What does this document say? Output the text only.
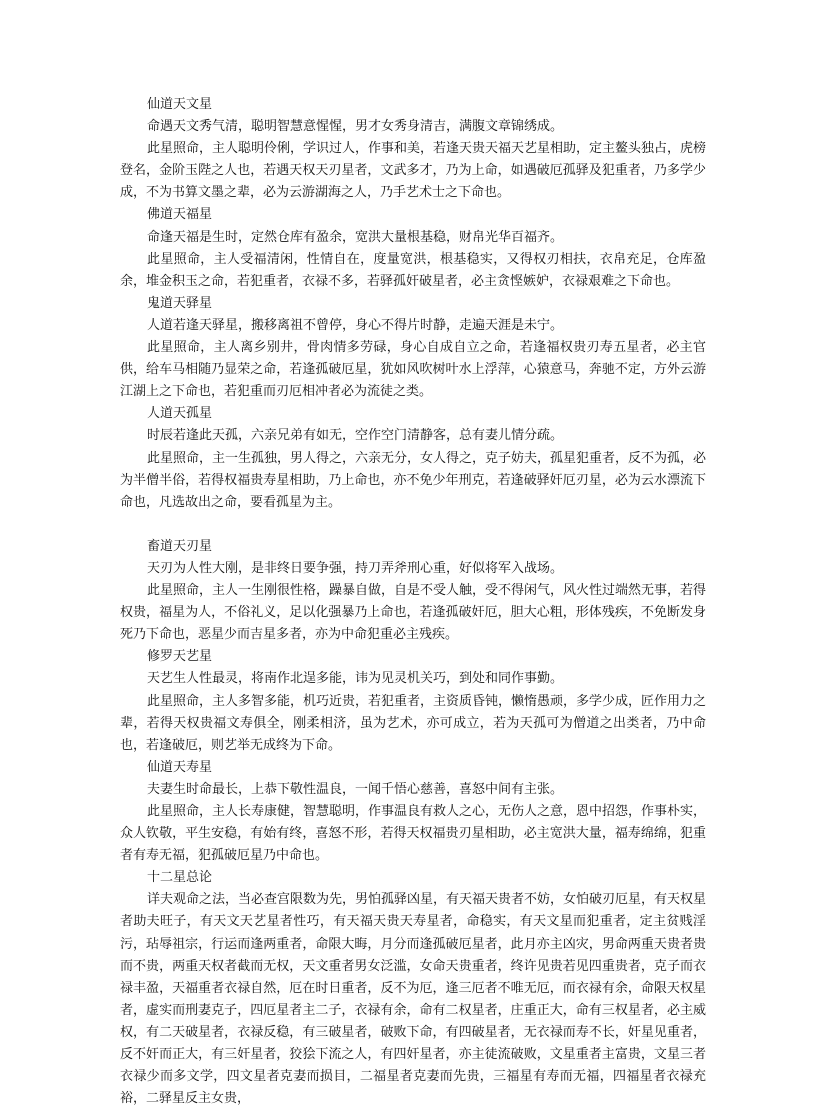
仙道天文星

命遇天文秀气清，聪明智慧意惺惺，男才女秀身清吉，满腹文章锦绣成。

此星照命，主人聪明伶俐，学识过人，作事和美，若逢天贵天福天艺星相助，定主鳌头独占，虎榜登名，金阶玉陛之人也，若遇天权天刃星者，文武多才，乃为上命，如遇破厄孤驿及犯重者，乃多学少成，不为书算文墨之辈，必为云游湖海之人，乃手艺术士之下命也。

佛道天福星

命逢天福是生时，定然仓库有盈余，宽洪大量根基稳，财帛光华百福齐。

此星照命，主人受福清闲，性情自在，度量宽洪，根基稳实，又得权刃相扶，衣帛充足，仓库盈余，堆金积玉之命，若犯重者，衣禄不多，若驿孤奸破星者，必主贪悭嫉妒，衣禄艰难之下命也。

鬼道天驿星

人道若逢天驿星，搬移离祖不曾停，身心不得片时静，走遍天涯是未宁。

此星照命，主人离乡别井，骨肉情多劳碌，身心自成自立之命，若逢福权贵刃寿五星者，必主官供，给车马相随乃显荣之命，若逢孤破厄星，犹如风吹树叶水上浮萍，心猿意马，奔驰不定，方外云游江湖上之下命也，若犯重而刃厄相冲者必为流徒之类。

人道天孤星

时辰若逢此天孤，六亲兄弟有如无，空作空门清静客，总有妻儿情分疏。

此星照命，主一生孤独，男人得之，六亲无分，女人得之，克子妨夫，孤星犯重者，反不为孤，必为半僧半俗，若得权福贵寿星相助，乃上命也，亦不免少年刑克，若逢破驿奸厄刃星，必为云水漂流下命也，凡选故出之命，要看孤星为主。

畜道天刃星

天刃为人性大刚，是非终日要争强，持刀弄斧刑心重，好似将军入战场。

此星照命，主人一生刚很性格，躁暴自做，自是不受人触，受不得闲气，风火性过端然无事，若得权贵，福星为人，不俗礼义，足以化强暴乃上命也，若逢孤破奸厄，胆大心粗，形体残疾，不免断发身死乃下命也，恶星少而吉星多者，亦为中命犯重必主残疾。

修罗天艺星

天艺生人性最灵，将南作北逞多能，讳为见灵机关巧，到处和同作事勤。

此星照命，主人多智多能，机巧近贵，若犯重者，主资质昏钝，懒惰愚顽，多学少成，匠作用力之辈，若得天权贵福文寿俱全，刚柔相济，虽为艺术，亦可成立，若为天孤可为僧道之出类者，乃中命也，若逢破厄，则艺举无成终为下命。

仙道天寿星

夫妻生时命最长，上恭下敬性温良，一闻千悟心慈善，喜怒中间有主张。

此星照命，主人长寿康健，智慧聪明，作事温良有救人之心，无伤人之意，恩中招怨，作事朴实，众人钦敬，平生安稳，有始有终，喜怒不形，若得天权福贵刃星相助，必主宽洪大量，福寿绵绵，犯重者有寿无福，犯孤破厄星乃中命也。

十二星总论

详夫观命之法，当必查宫限数为先，男怕孤驿凶星，有天福天贵者不妨，女怕破刃厄星，有天权星者助夫旺子，有天文天艺星者性巧，有天福天贵天寿星者，命稳实，有天文星而犯重者，定主贫贱淫污，玷辱祖宗，行运而逢两重者，命限大晦，月分而逢孤破厄星者，此月亦主凶灾，男命两重天贵者贵而不贵，两重天权者截而无权，天文重者男女泛滥，女命天贵重者，终许见贵若见四重贵者，克子而衣禄丰盈，天福重者衣禄自然，厄在时日重者，反不为厄，逢三厄者不唯无厄，而衣禄有余，命限天权星者，虚实而刑妻克子，四厄星者主二子，衣禄有余，命有二权星者，庄重正大，命有三权星者，必主威权，有二天破星者，衣禄反稳，有三破星者，破败下命，有四破星者，无衣禄而寿不长，奸星见重者，反不奸而正大，有三奸星者，狡狯下流之人，有四奸星者，亦主徒流破败，文星重者主富贵，文星三者衣禄少而多文学，四文星者克妻而损目，二福星者克妻而先贵，三福星有寿而无福，四福星者衣禄充裕，二驿星反主女贵，
